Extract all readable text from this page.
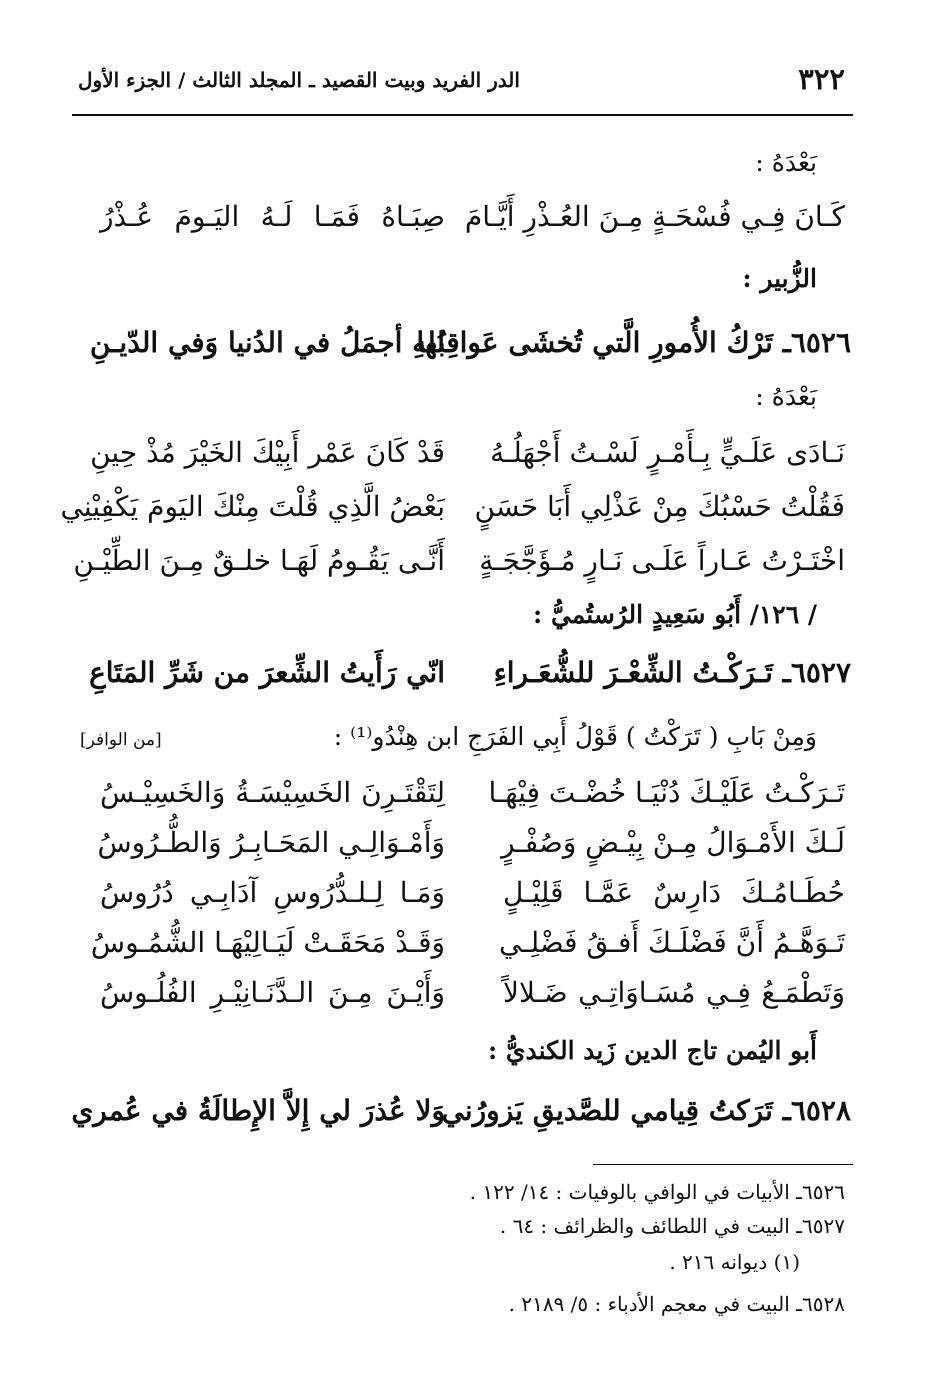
٣٢٢
الدر الفريد وبيت القصيد ـ المجلد الثالث / الجزء الأول
بَعْدَهُ :
كَـانَ فِـي فُسْحَـةٍ مِـنَ العُـذْرِ أَيَّـامَ
صِبَـاهُ فَمَـا لَـهُ اليَـومَ عُـذْرُ
الزُّبير :
٦٥٢٦ـ تَرْكُ الأُمورِ الَّتي تُخشَى عَواقِبُها
للهِ أجمَلُ في الدُنيا وَفي الدّيـنِ
بَعْدَهُ :
نَـادَى عَلَـيٍّ بِـأَمْـرٍ لَسْـتُ أَجْهَلُـهُ
قَدْ كَانَ عَمْر أَبِيْكَ الخَيْرَ مُذْ حِينِ
فَقُلْتُ حَسْبُكَ مِنْ عَذْلِي أَبَا حَسَنٍ
بَعْضُ الَّذِي قُلْتَ مِنْكَ اليَومَ يَكْفِيْنِي
اخْتَـرْتُ عَـاراً عَلَـى نَـارٍ مُـؤَجَّجَـةٍ
أَنَّـى يَقُـومُ لَهَـا خلـقٌ مِـنَ الطِّيْـنِ
/ ١٢٦/ أَبُو سَعِيدٍ الرُستُميُّ :
٦٥٢٧ـ تَـرَكْـتُ الشِّعْـرَ للشُّعَـراءِ
انّي رَأَيتُ الشِّعرَ من شَرِّ المَتَاعِ
وَمِنْ بَابِ ( تَرَكْتُ ) قَوْلُ أَبِي الفَرَجِ ابن هِنْدُو⁽¹⁾ :
[من الوافر]
تَـرَكْـتُ عَلَيْـكَ دُنْيَـا خُضْـتَ فِيْهَـا
لِتَقْتَـرِنَ الخَسِيْسَـةُ وَالخَسِيْـسُ
لَـكَ الأَمْـوَالُ مِـنْ بِيْـضٍ وَصُفْـرٍ
وَأَمْـوَالِـي المَحَـابِـرُ وَالطُّـرُوسُ
حُطَـامُـكَ دَارِسٌ عَمَّـا قَلِيْـلٍ
وَمَـا لِـلـدُّرُوسِ آدَابِـي دُرُوسُ
تَـوَهَّـمُ أَنَّ فَضْلَـكَ أَفـقُ فَضْلِـي
وَقَـدْ مَحَقَـتْ لَيَـالِيْهَـا الشُّمُـوسُ
وَتَطْمَـعُ فِـي مُسَـاوَاتِـي ضَـلالاً
وَأَيْـنَ مِـنَ الـدَّنَـانِيْـرِ الفُلُـوسُ
أَبو اليُمن تاج الدين زَيد الكنديُّ :
٦٥٢٨ـ تَرَكتُ قِيامي للصَّديقِ يَزورُني
وَلا عُذرَ لي إِلاَّ الإِطالَةُ في عُمري
٦٥٢٦ـ الأبيات في الوافي بالوفيات : ١٤/ ١٢٢ .
٦٥٢٧ـ البيت في اللطائف والظرائف : ٦٤ .
(١) ديوانه ٢١٦ .
٦٥٢٨ـ البيت في معجم الأدباء : ٥/ ٢١٨٩ .
